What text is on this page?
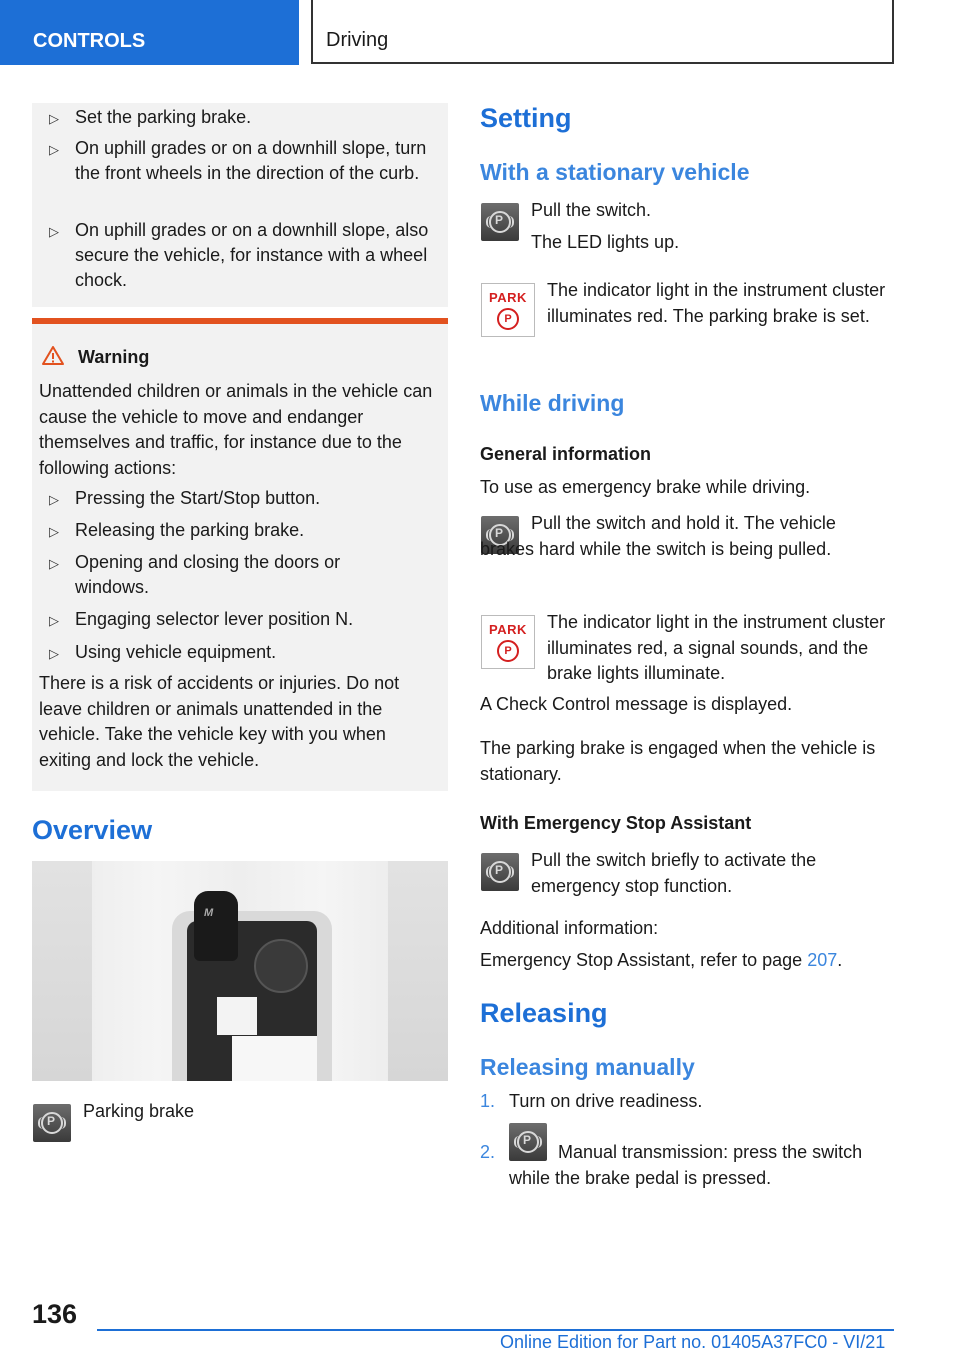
CONTROLS	Driving
▷ Set the parking brake.
▷ On uphill grades or on a downhill slope, turn the front wheels in the direction of the curb.
▷ On uphill grades or on a downhill slope, also secure the vehicle, for instance with a wheel chock.
Warning
Unattended children or animals in the vehicle can cause the vehicle to move and endanger themselves and traffic, for instance due to the following actions:
▷ Pressing the Start/Stop button.
▷ Releasing the parking brake.
▷ Opening and closing the doors or windows.
▷ Engaging selector lever position N.
▷ Using vehicle equipment.
There is a risk of accidents or injuries. Do not leave children or animals unattended in the vehicle. Take the vehicle key with you when exiting and lock the vehicle.
Overview
M
P Parking brake
Setting
With a stationary vehicle
P Pull the switch.
The LED lights up.
PARK
P
The indicator light in the instrument cluster illuminates red. The parking brake is set.
While driving
General information
To use as emergency brake while driving.
P	Pull the switch and hold it. The vehicle brakes hard while the switch is being pulled.
PARK
P
The indicator light in the instrument cluster illuminates red, a signal sounds, and the brake lights illuminate.
A Check Control message is displayed.
The parking brake is engaged when the vehicle is stationary.
With Emergency Stop Assistant
P Pull the switch briefly to activate the emergency stop function.
Additional information:
Emergency Stop Assistant, refer to page 207.
Releasing
Releasing manually
1. Turn on drive readiness.
2.
P
Manual transmission: press the switch while the brake pedal is pressed.
136
Online Edition for Part no. 01405A37FC0 - VI/21
